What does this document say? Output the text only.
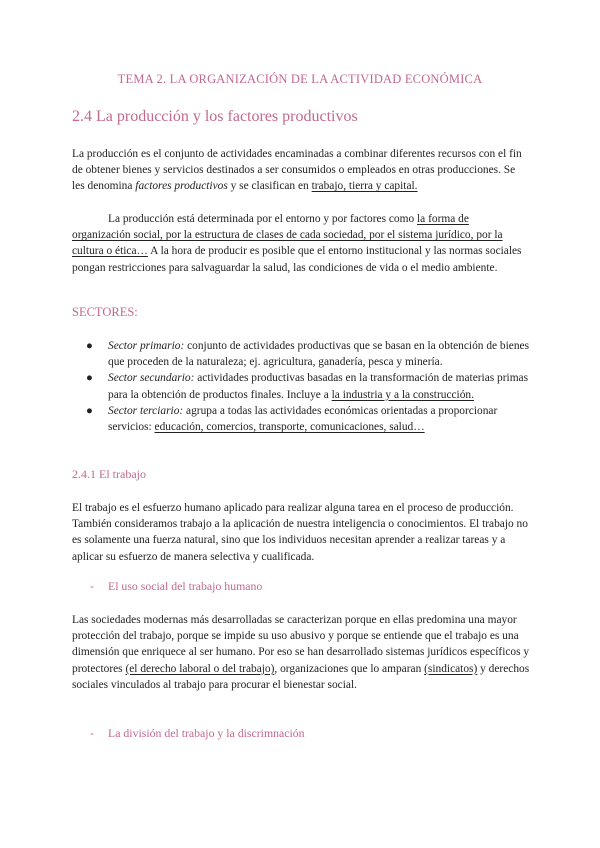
TEMA 2. LA ORGANIZACIÓN DE LA ACTIVIDAD ECONÓMICA
2.4 La producción y los factores productivos
La producción es el conjunto de actividades encaminadas a combinar diferentes recursos con el fin de obtener bienes y servicios destinados a ser consumidos o empleados en otras producciones. Se les denomina factores productivos y se clasifican en trabajo, tierra y capital.
La producción está determinada por el entorno y por factores como la forma de organización social, por la estructura de clases de cada sociedad, por el sistema jurídico, por la cultura o ética… A la hora de producir es posible que el entorno institucional y las normas sociales pongan restricciones para salvaguardar la salud, las condiciones de vida o el medio ambiente.
SECTORES:
● Sector primario: conjunto de actividades productivas que se basan en la obtención de bienes que proceden de la naturaleza; ej. agricultura, ganadería, pesca y minería.
● Sector secundario: actividades productivas basadas en la transformación de materias primas para la obtención de productos finales. Incluye a la industria y a la construcción.
● Sector terciario: agrupa a todas las actividades económicas orientadas a proporcionar servicios: educación, comercios, transporte, comunicaciones, salud…
2.4.1 El trabajo
El trabajo es el esfuerzo humano aplicado para realizar alguna tarea en el proceso de producción. También consideramos trabajo a la aplicación de nuestra inteligencia o conocimientos. El trabajo no es solamente una fuerza natural, sino que los individuos necesitan aprender a realizar tareas y a aplicar su esfuerzo de manera selectiva y cualificada.
- El uso social del trabajo humano
Las sociedades modernas más desarrolladas se caracterizan porque en ellas predomina una mayor protección del trabajo, porque se impide su uso abusivo y porque se entiende que el trabajo es una dimensión que enriquece al ser humano. Por eso se han desarrollado sistemas jurídicos específicos y protectores (el derecho laboral o del trabajo), organizaciones que lo amparan (sindicatos) y derechos sociales vinculados al trabajo para procurar el bienestar social.
- La división del trabajo y la discrimnación
